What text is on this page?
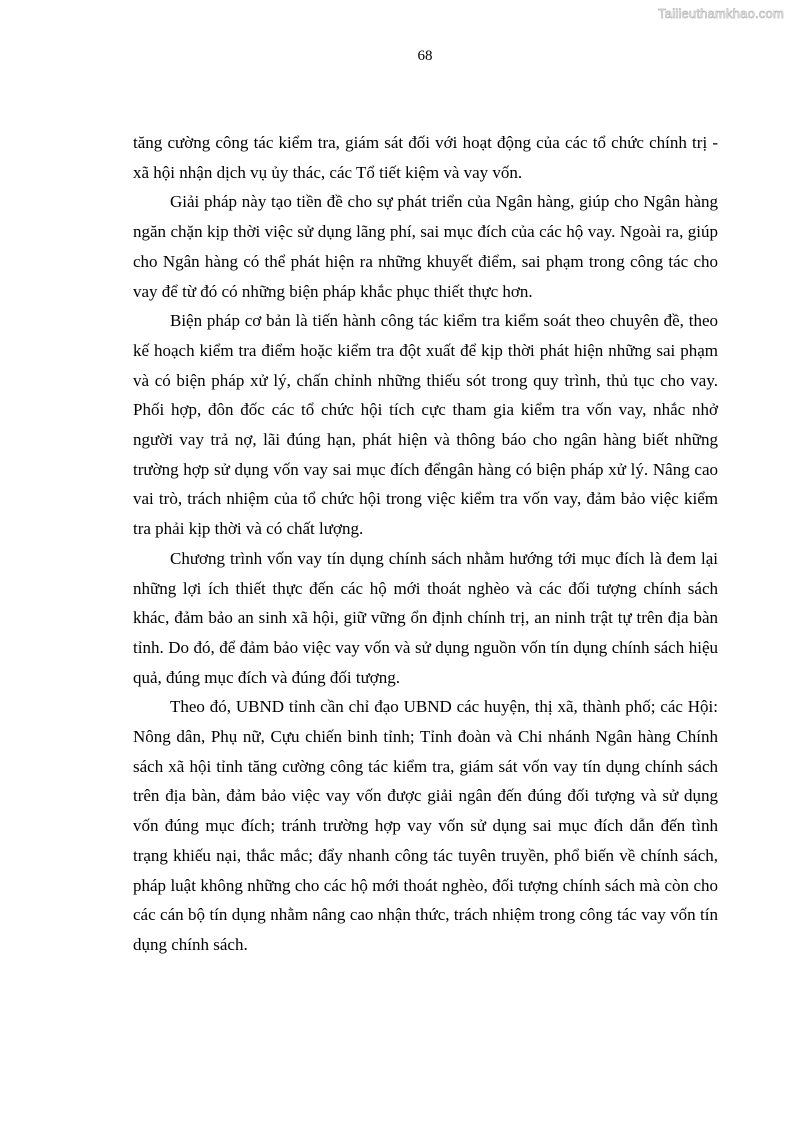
Tailieuthamkhao.com
68

tăng cường công tác kiểm tra, giám sát đối với hoạt động của các tổ chức chính trị - xã hội nhận dịch vụ ủy thác, các Tổ tiết kiệm và vay vốn.

Giải pháp này tạo tiền đề cho sự phát triển của Ngân hàng, giúp cho Ngân hàng ngăn chặn kịp thời việc sử dụng lãng phí, sai mục đích của các hộ vay. Ngoài ra, giúp cho Ngân hàng có thể phát hiện ra những khuyết điểm, sai phạm trong công tác cho vay để từ đó có những biện pháp khắc phục thiết thực hơn.

Biện pháp cơ bản là tiến hành công tác kiểm tra kiểm soát theo chuyên đề, theo kế hoạch kiểm tra điểm hoặc kiểm tra đột xuất để kịp thời phát hiện những sai phạm và có biện pháp xử lý, chấn chỉnh những thiếu sót trong quy trình, thủ tục cho vay. Phối hợp, đôn đốc các tổ chức hội tích cực tham gia kiểm tra vốn vay, nhắc nhở người vay trả nợ, lãi đúng hạn, phát hiện và thông báo cho ngân hàng biết những trường hợp sử dụng vốn vay sai mục đích đểngân hàng có biện pháp xử lý. Nâng cao vai trò, trách nhiệm của tổ chức hội trong việc kiểm tra vốn vay, đảm bảo việc kiểm tra phải kịp thời và có chất lượng.

Chương trình vốn vay tín dụng chính sách nhằm hướng tới mục đích là đem lại những lợi ích thiết thực đến các hộ mới thoát nghèo và các đối tượng chính sách khác, đảm bảo an sinh xã hội, giữ vững ổn định chính trị, an ninh trật tự trên địa bàn tỉnh. Do đó, để đảm bảo việc vay vốn và sử dụng nguồn vốn tín dụng chính sách hiệu quả, đúng mục đích và đúng đối tượng.

Theo đó, UBND tỉnh cần chỉ đạo UBND các huyện, thị xã, thành phố; các Hội: Nông dân, Phụ nữ, Cựu chiến binh tỉnh; Tỉnh đoàn và Chi nhánh Ngân hàng Chính sách xã hội tỉnh tăng cường công tác kiểm tra, giám sát vốn vay tín dụng chính sách trên địa bàn, đảm bảo việc vay vốn được giải ngân đến đúng đối tượng và sử dụng vốn đúng mục đích; tránh trường hợp vay vốn sử dụng sai mục đích dẫn đến tình trạng khiếu nại, thắc mắc; đẩy nhanh công tác tuyên truyền, phổ biến về chính sách, pháp luật không những cho các hộ mới thoát nghèo, đối tượng chính sách mà còn cho các cán bộ tín dụng nhằm nâng cao nhận thức, trách nhiệm trong công tác vay vốn tín dụng chính sách.
